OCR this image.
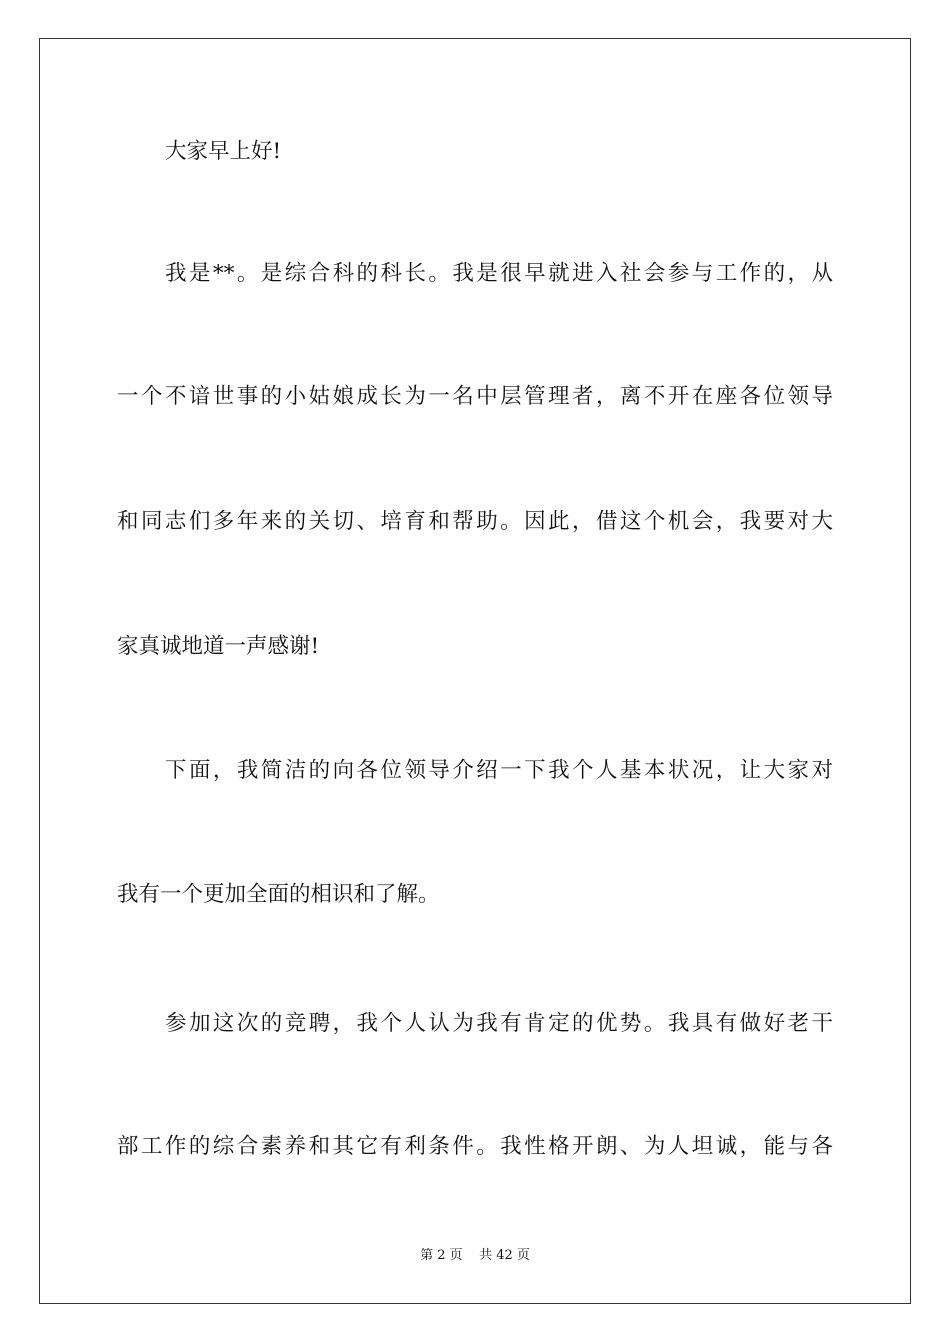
大家早上好!
我是**。是综合科的科长。我是很早就进入社会参与工作的，从
一个不谙世事的小姑娘成长为一名中层管理者，离不开在座各位领导
和同志们多年来的关切、培育和帮助。因此，借这个机会，我要对大
家真诚地道一声感谢!
下面，我简洁的向各位领导介绍一下我个人基本状况，让大家对
我有一个更加全面的相识和了解。
参加这次的竞聘，我个人认为我有肯定的优势。我具有做好老干
部工作的综合素养和其它有利条件。我性格开朗、为人坦诚，能与各
第 2 页    共 42 页
